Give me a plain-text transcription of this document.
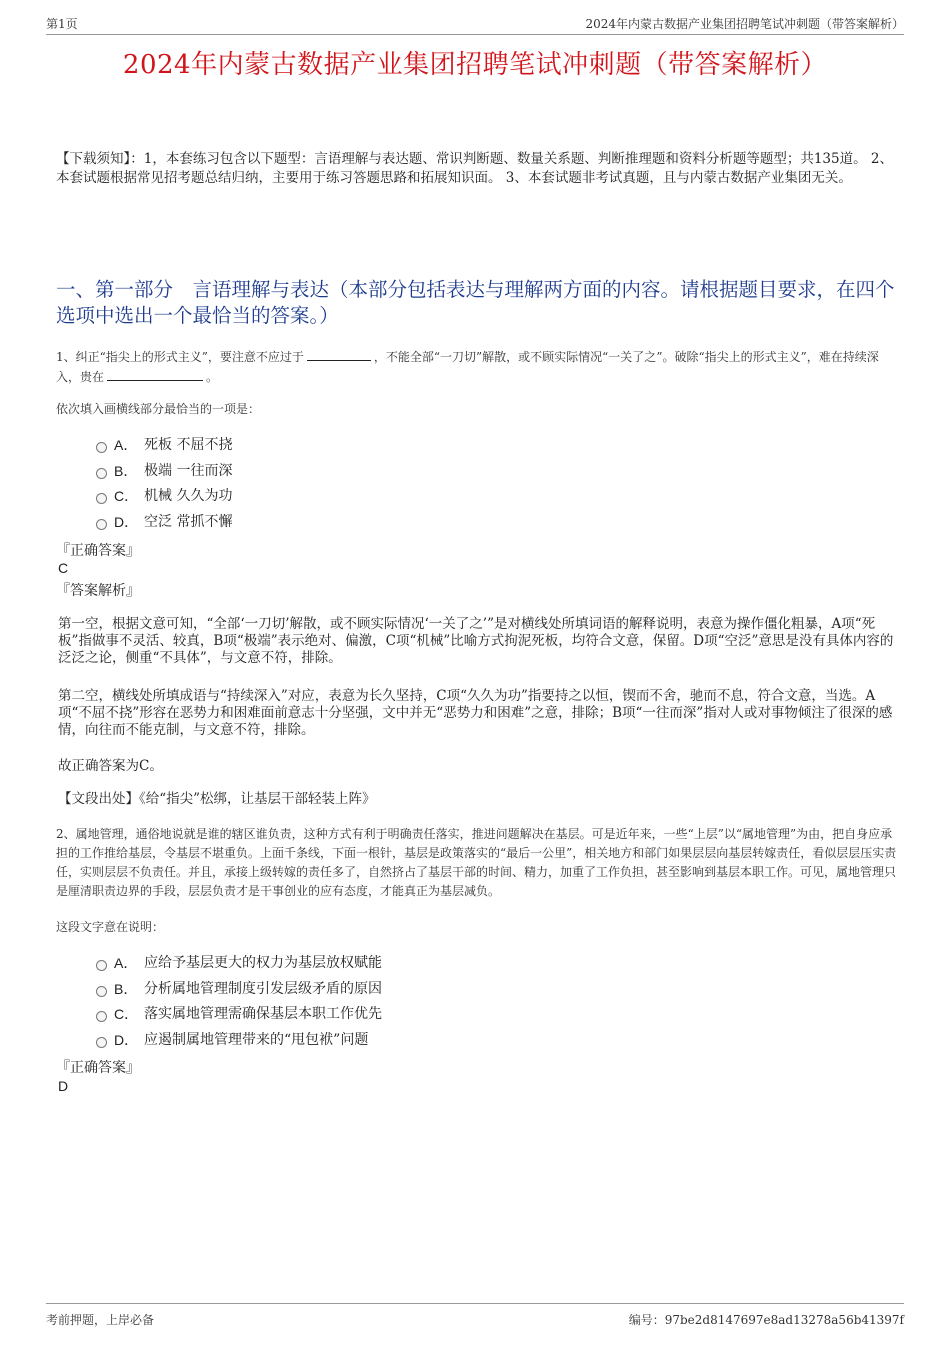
第1页	2024年内蒙古数据产业集团招聘笔试冲刺题（带答案解析）
2024年内蒙古数据产业集团招聘笔试冲刺题（带答案解析）
【下载须知】：1，本套练习包含以下题型：言语理解与表达题、常识判断题、数量关系题、判断推理题和资料分析题等题型；共135道。 2、本套试题根据常见招考题总结归纳，主要用于练习答题思路和拓展知识面。 3、本套试题非考试真题，且与内蒙古数据产业集团无关。
一、第一部分　言语理解与表达（本部分包括表达与理解两方面的内容。请根据题目要求，在四个选项中选出一个最恰当的答案。）
1、纠正“指尖上的形式主义”，要注意不应过于	，不能全部“一刀切”解散，或不顾实际情况“一关了之”。破除“指尖上的形式主义”，难在持续深入，贵在	。
依次填入画横线部分最恰当的一项是：
A． 死板 不屈不挠
B． 极端 一往而深
C． 机械 久久为功
D． 空泛 常抓不懈
『正确答案』
C
『答案解析』
第一空，根据文意可知，“全部‘一刀切’解散，或不顾实际情况‘一关了之’”是对横线处所填词语的解释说明，表意为操作僵化粗暴，A项“死板”指做事不灵活、较真，B项“极端”表示绝对、偏激，C项“机械”比喻方式拘泥死板，均符合文意，保留。D项“空泛”意思是没有具体内容的泛泛之论，侧重“不具体”，与文意不符，排除。
第二空，横线处所填成语与“持续深入”对应，表意为长久坚持，C项“久久为功”指要持之以恒，锲而不舍，驰而不息，符合文意，当选。A项“不屈不挠”形容在恶势力和困难面前意志十分坚强，文中并无“恶势力和困难”之意，排除；B项“一往而深”指对人或对事物倾注了很深的感情，向往而不能克制，与文意不符，排除。
故正确答案为C。
【文段出处】《给“指尖”松绑，让基层干部轻装上阵》
2、属地管理，通俗地说就是谁的辖区谁负责，这种方式有利于明确责任落实，推进问题解决在基层。可是近年来，一些“上层”以“属地管理”为由，把自身应承担的工作推给基层，令基层不堪重负。上面千条线，下面一根针，基层是政策落实的“最后一公里”，相关地方和部门如果层层向基层转嫁责任，看似层层压实责任，实则层层不负责任。并且，承接上级转嫁的责任多了，自然挤占了基层干部的时间、精力，加重了工作负担，甚至影响到基层本职工作。可见，属地管理只是厘清职责边界的手段，层层负责才是干事创业的应有态度，才能真正为基层减负。
这段文字意在说明：
A． 应给予基层更大的权力为基层放权赋能
B． 分析属地管理制度引发层级矛盾的原因
C． 落实属地管理需确保基层本职工作优先
D． 应遏制属地管理带来的“甩包袱”问题
『正确答案』
D
考前押题，上岸必备	编号：97be2d8147697e8ad13278a56b41397f
